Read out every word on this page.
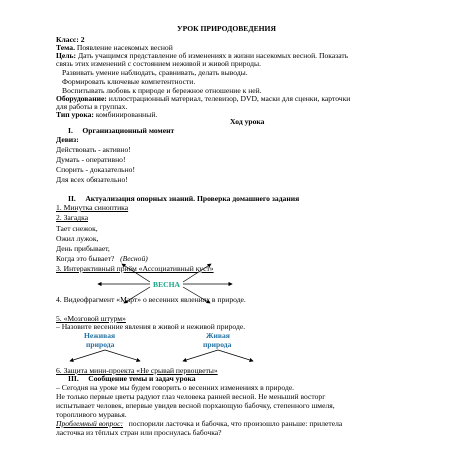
УРОК ПРИРОДОВЕДЕНИЯ
Класс: 2
Тема. Появление насекомых весной
Цель: Дать учащимся представление об изменениях в жизни насекомых весной. Показать
связь этих изменений с состоянием неживой и живой природы.
Развивать умение наблюдать, сравнивать, делать выводы.
Формировать ключевые компетентности.
Воспитывать любовь к природе и бережное отношение к ней.
Оборудование: иллюстрационный материал, телевизор, DVD, маски для сценки, карточки
для работы в группах.
Тип урока: комбинированный.
Ход урока
I. Организационный момент
Девиз:
Действовать - активно!
Думать - оперативно!
Спорить - доказательно!
Для всех обязательно!
II. Актуализация опорных знаний. Проверка домашнего задания
1. Минутка синоптика
2. Загадка
Тает снежок,
Ожил лужок,
День прибывает,
Когда это бывает? (Весной)
3. Интерактивный приём «Ассоциативный куст»
ВЕСНА
4. Видеофрагмент «Март» о весенних явлениях в природе.
5. «Мозговой штурм»
– Назовите весенние явления в живой и неживой природе.
Неживая
природа
Живая
природа
6. Защита мини-проекта «Не срывай первоцветы»
III. Сообщение темы и задач урока
– Сегодня на уроке мы будем говорить о весенних изменениях в природе.
Не только первые цветы радуют глаз человека ранней весной. Не меньший восторг
испытывает человек, впервые увидев весной порхающую бабочку, степенного шмеля,
торопливого муравья.
Проблемный вопрос: поспорили ласточка и бабочка, что произошло раньше: прилетела
ласточка из тёплых стран или проснулась бабочка?
